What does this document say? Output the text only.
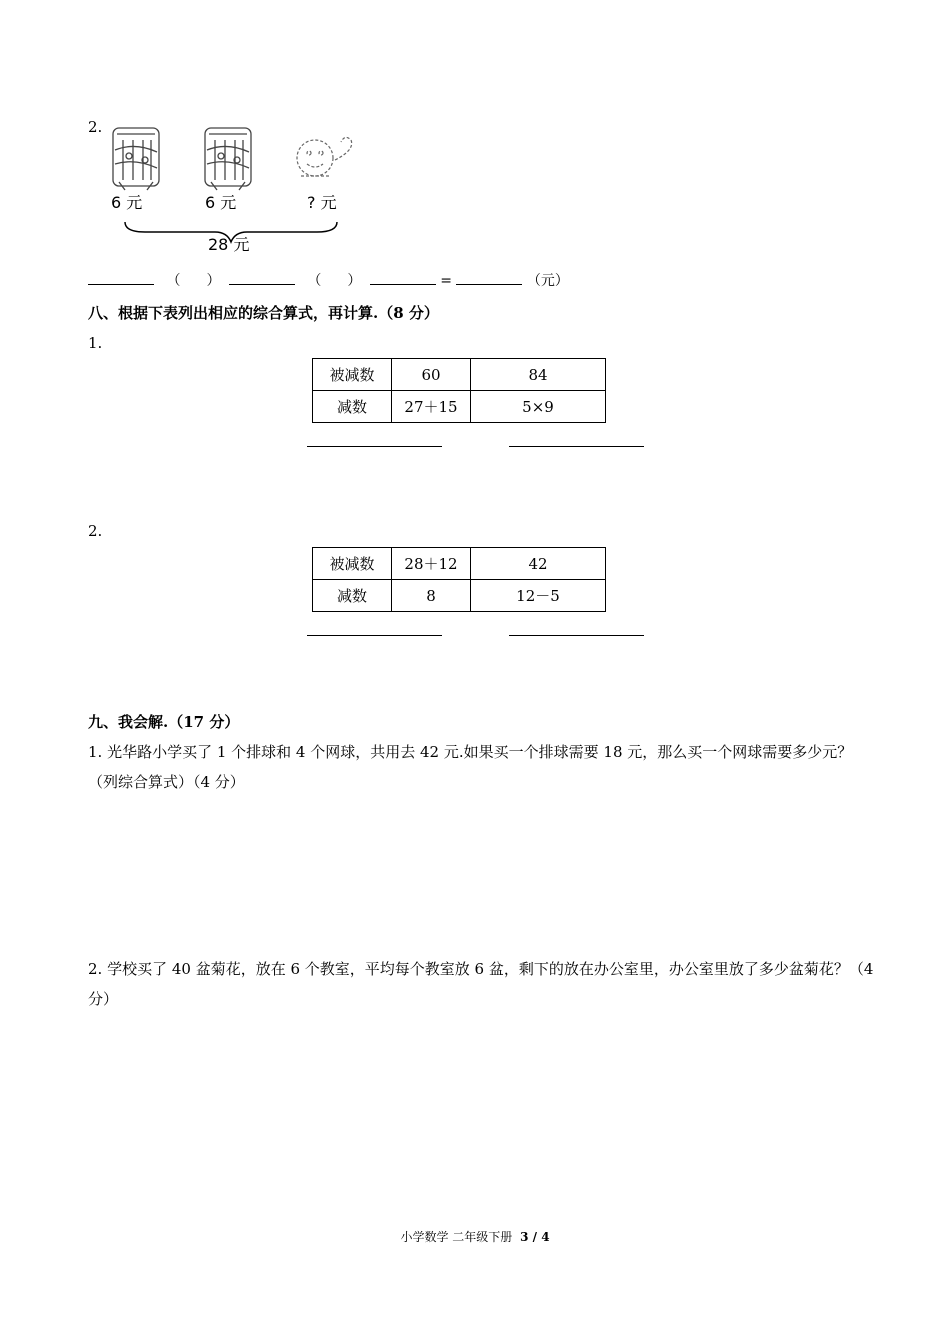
2.
6 元	6 元	? 元
28 元
（ ）	（ ）	=	（元）
八、根据下表列出相应的综合算式，再计算.（8 分）
1.
被减数	60	84
减数	27＋15	5×9
2.
被减数	28＋12	42
减数	8	12－5
九、我会解.（17 分）
1. 光华路小学买了 1 个排球和 4 个网球，共用去 42 元.如果买一个排球需要 18 元，那么买一个网球需要多少元？（列综合算式）（4 分）
2. 学校买了 40 盆菊花，放在 6 个教室，平均每个教室放 6 盆，剩下的放在办公室里，办公室里放了多少盆菊花？（4 分）
小学数学 二年级下册 3 / 4
